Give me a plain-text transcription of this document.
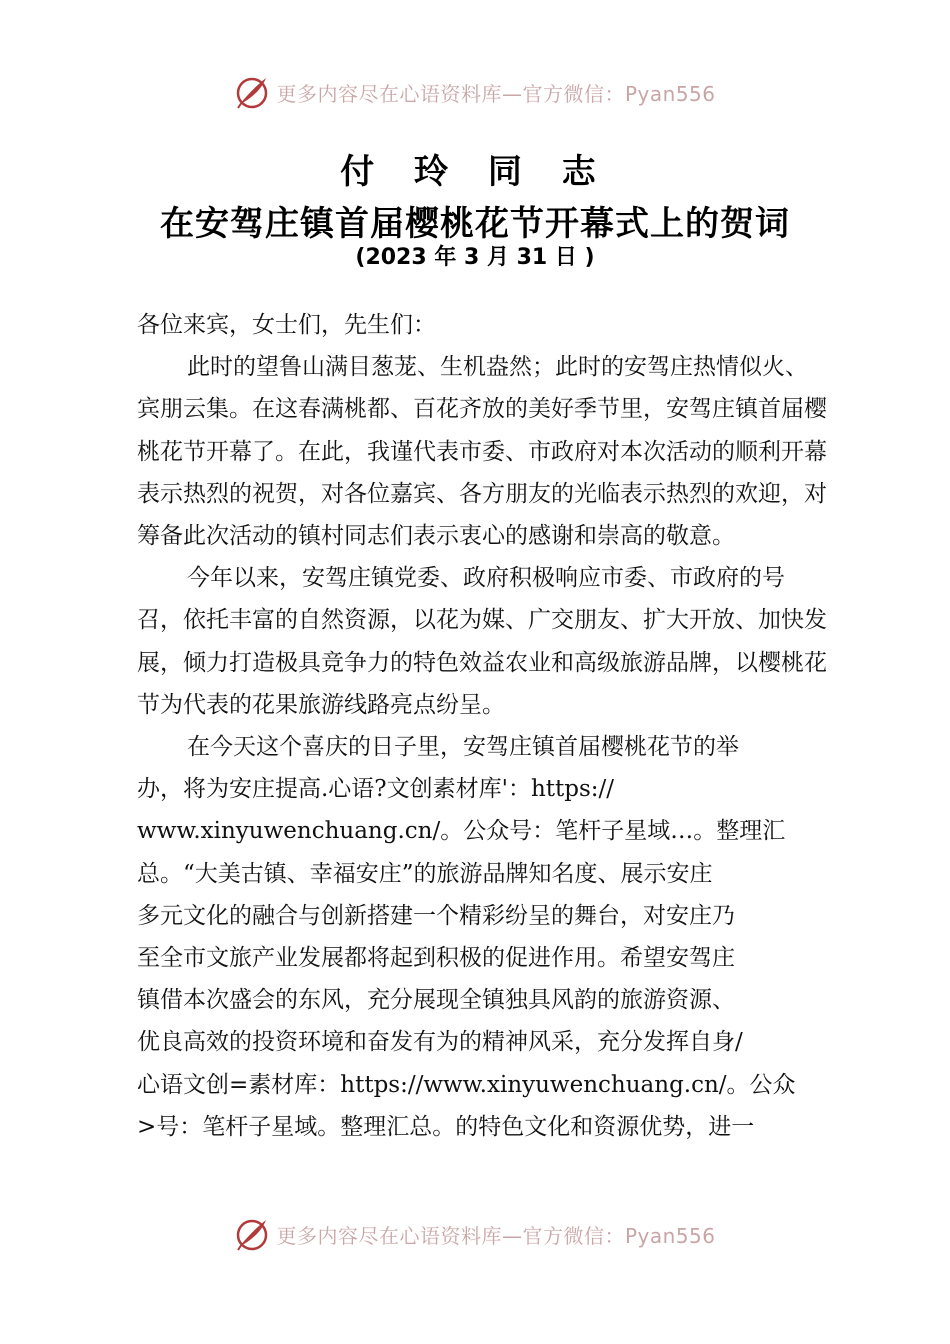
更多内容尽在心语资料库—官方微信：Pyan556
付 玲 同 志
在安驾庄镇首届樱桃花节开幕式上的贺词
(2023 年 3 月 31 日 )

各位来宾，女士们，先生们：

此时的望鲁山满目葱茏、生机盎然；此时的安驾庄热情似火、宾朋云集。在这春满桃都、百花齐放的美好季节里，安驾庄镇首届樱桃花节开幕了。在此，我谨代表市委、市政府对本次活动的顺利开幕表示热烈的祝贺，对各位嘉宾、各方朋友的光临表示热烈的欢迎，对筹备此次活动的镇村同志们表示衷心的感谢和崇高的敬意。

今年以来，安驾庄镇党委、政府积极响应市委、市政府的号召，依托丰富的自然资源，以花为媒、广交朋友、扩大开放、加快发展，倾力打造极具竞争力的特色效益农业和高级旅游品牌，以樱桃花节为代表的花果旅游线路亮点纷呈。

在今天这个喜庆的日子里，安驾庄镇首届樱桃花节的举
办，将为安庄提高.心语?文创素材库'：https://
www.xinyuwenchuang.cn/。公众号：笔杆子星域…。整理汇
总。“大美古镇、幸福安庄”的旅游品牌知名度、展示安庄
多元文化的融合与创新搭建一个精彩纷呈的舞台，对安庄乃
至全市文旅产业发展都将起到积极的促进作用。希望安驾庄
镇借本次盛会的东风，充分展现全镇独具风韵的旅游资源、
优良高效的投资环境和奋发有为的精神风采，充分发挥自身/
心语文创=素材库：https://www.xinyuwenchuang.cn/。公众
>号：笔杆子星域。整理汇总。的特色文化和资源优势，进一

更多内容尽在心语资料库—官方微信：Pyan556
